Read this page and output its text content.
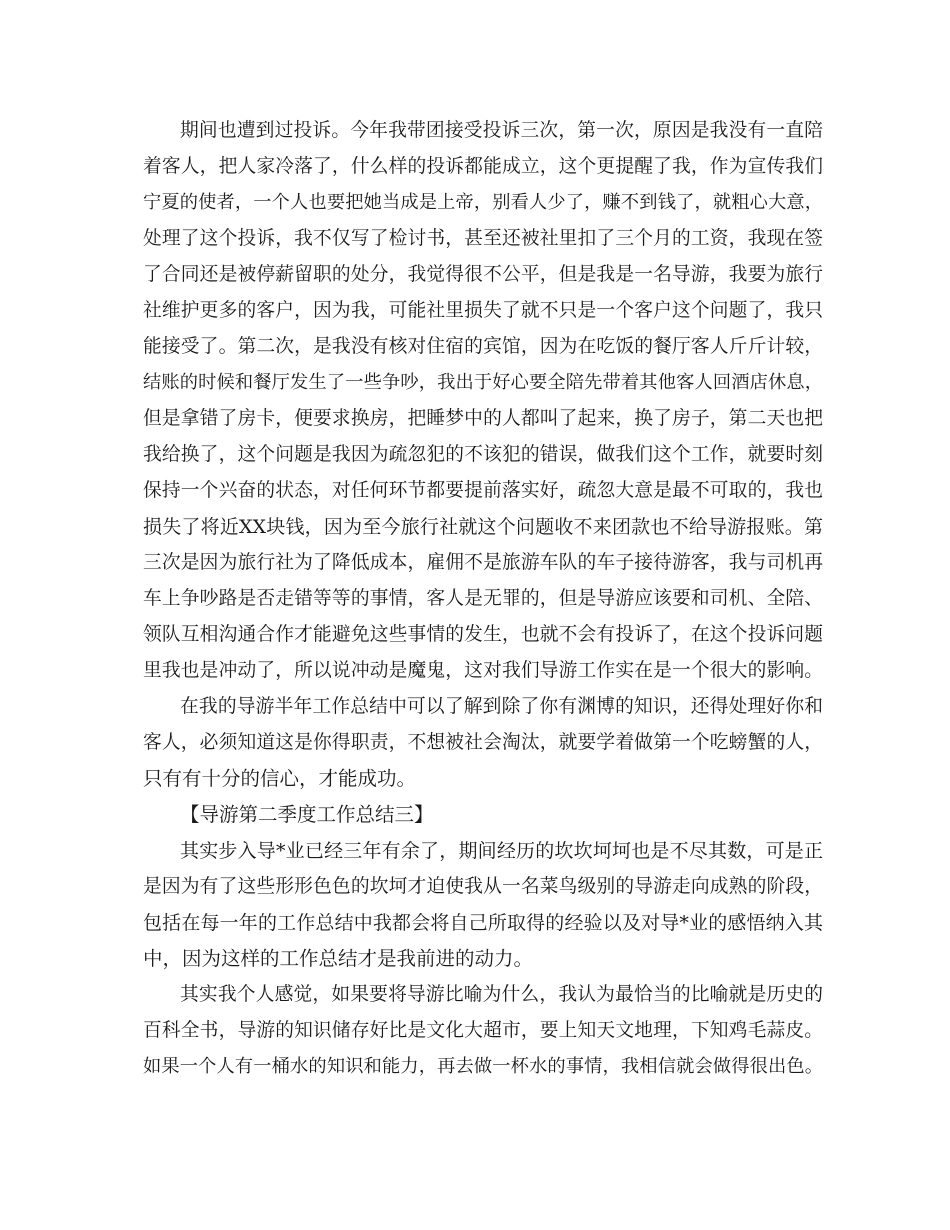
期间也遭到过投诉。今年我带团接受投诉三次，第一次，原因是我没有一直陪
着客人，把人家冷落了，什么样的投诉都能成立，这个更提醒了我，作为宣传我们
宁夏的使者，一个人也要把她当成是上帝，别看人少了，赚不到钱了，就粗心大意，
处理了这个投诉，我不仅写了检讨书，甚至还被社里扣了三个月的工资，我现在签
了合同还是被停薪留职的处分，我觉得很不公平，但是我是一名导游，我要为旅行
社维护更多的客户，因为我，可能社里损失了就不只是一个客户这个问题了，我只
能接受了。第二次，是我没有核对住宿的宾馆，因为在吃饭的餐厅客人斤斤计较，
结账的时候和餐厅发生了一些争吵，我出于好心要全陪先带着其他客人回酒店休息，
但是拿错了房卡，便要求换房，把睡梦中的人都叫了起来，换了房子，第二天也把
我给换了，这个问题是我因为疏忽犯的不该犯的错误，做我们这个工作，就要时刻
保持一个兴奋的状态，对任何环节都要提前落实好，疏忽大意是最不可取的，我也
损失了将近XX块钱，因为至今旅行社就这个问题收不来团款也不给导游报账。第
三次是因为旅行社为了降低成本，雇佣不是旅游车队的车子接待游客，我与司机再
车上争吵路是否走错等等的事情，客人是无罪的，但是导游应该要和司机、全陪、
领队互相沟通合作才能避免这些事情的发生，也就不会有投诉了，在这个投诉问题
里我也是冲动了，所以说冲动是魔鬼，这对我们导游工作实在是一个很大的影响。
在我的导游半年工作总结中可以了解到除了你有渊博的知识，还得处理好你和
客人，必须知道这是你得职责，不想被社会淘汰，就要学着做第一个吃螃蟹的人，
只有有十分的信心，才能成功。
【导游第二季度工作总结三】
其实步入导*业已经三年有余了，期间经历的坎坎坷坷也是不尽其数，可是正
是因为有了这些形形色色的坎坷才迫使我从一名菜鸟级别的导游走向成熟的阶段，
包括在每一年的工作总结中我都会将自己所取得的经验以及对导*业的感悟纳入其
中，因为这样的工作总结才是我前进的动力。
其实我个人感觉，如果要将导游比喻为什么，我认为最恰当的比喻就是历史的
百科全书，导游的知识储存好比是文化大超市，要上知天文地理，下知鸡毛蒜皮。
如果一个人有一桶水的知识和能力，再去做一杯水的事情，我相信就会做得很出色。
